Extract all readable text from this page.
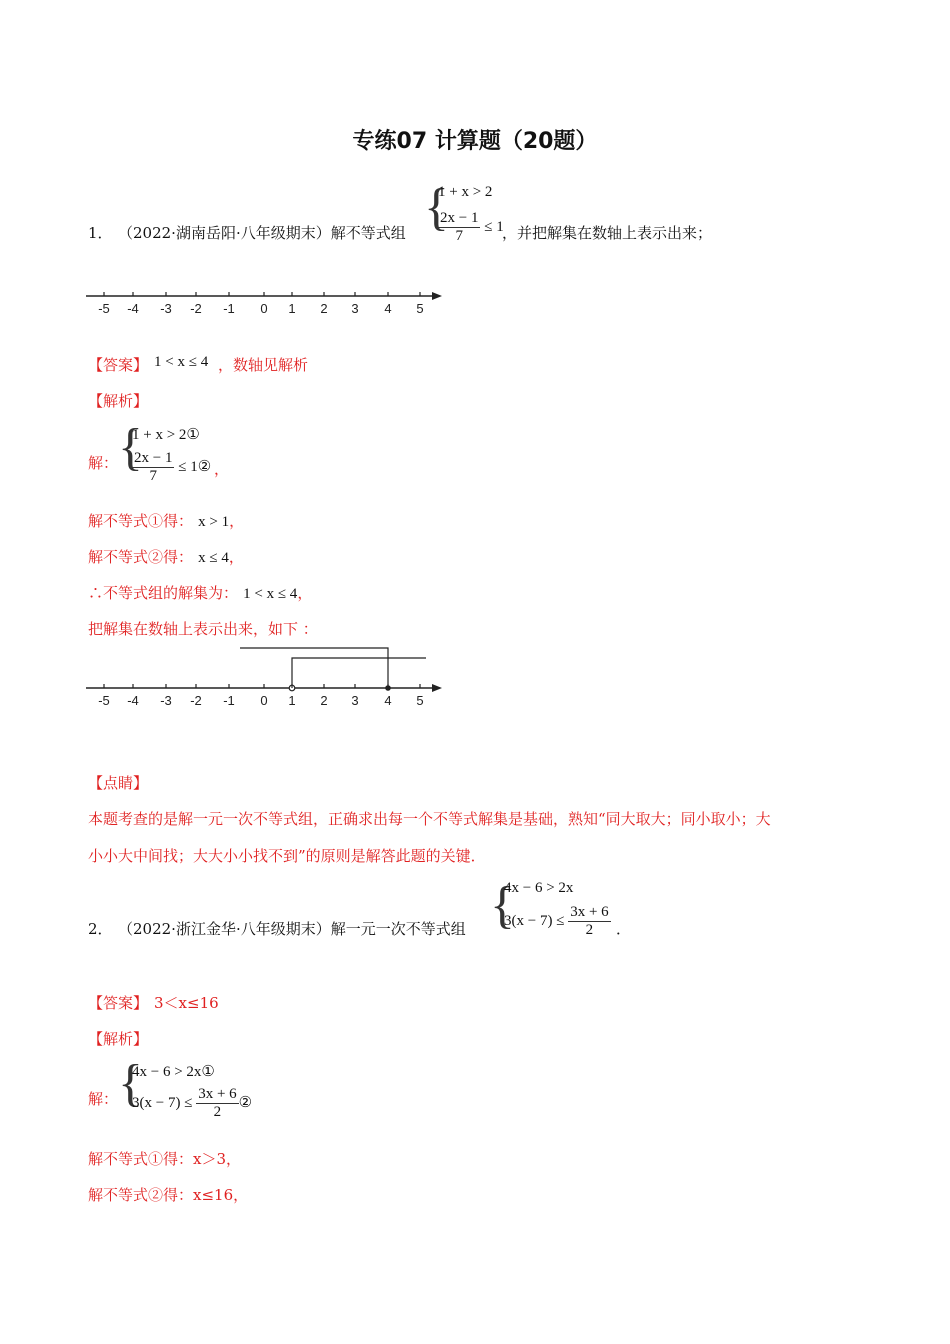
专练07 计算题（20题）
1． （2022·湖南岳阳·八年级期末）解不等式组 {
1 + x > 2
$\frac{2x - 1}{7} \le 1$
，并把解集在数轴上表示出来；
-5 -4 -3 -2 -1 0 1 2 3 4 5
【答案】 1 < x ≤ 4 ，数轴见解析
【解析】
解： {
1 + x > 2①
$\frac{2x - 1}{7}$ ≤ 1② ，
解不等式①得： x > 1，
解不等式②得： x ≤ 4，
∴不等式组的解集为： 1 < x ≤ 4，
把解集在数轴上表示出来，如下 ：
-5 -4 -3 -2 -1 0 1 2 3 4 5
【点睛】
本题考查的是解一元一次不等式组，正确求出每一个不等式解集是基础，熟知“同大取大；同小取小；大
小小大中间找；大大小小找不到”的原则是解答此题的关键．
2． （2022·浙江金华·八年级期末）解一元一次不等式组 {
4x − 6 > 2x
$3(x - 7) \le \frac{3x + 6}{2}$ ．
【答案】 3＜x≤16
【解析】
解： {
4x − 6 > 2x①
$3(x - 7) \le \frac{3x + 6}{2}$ ②
解不等式①得：x＞3，
解不等式②得：x≤16，
